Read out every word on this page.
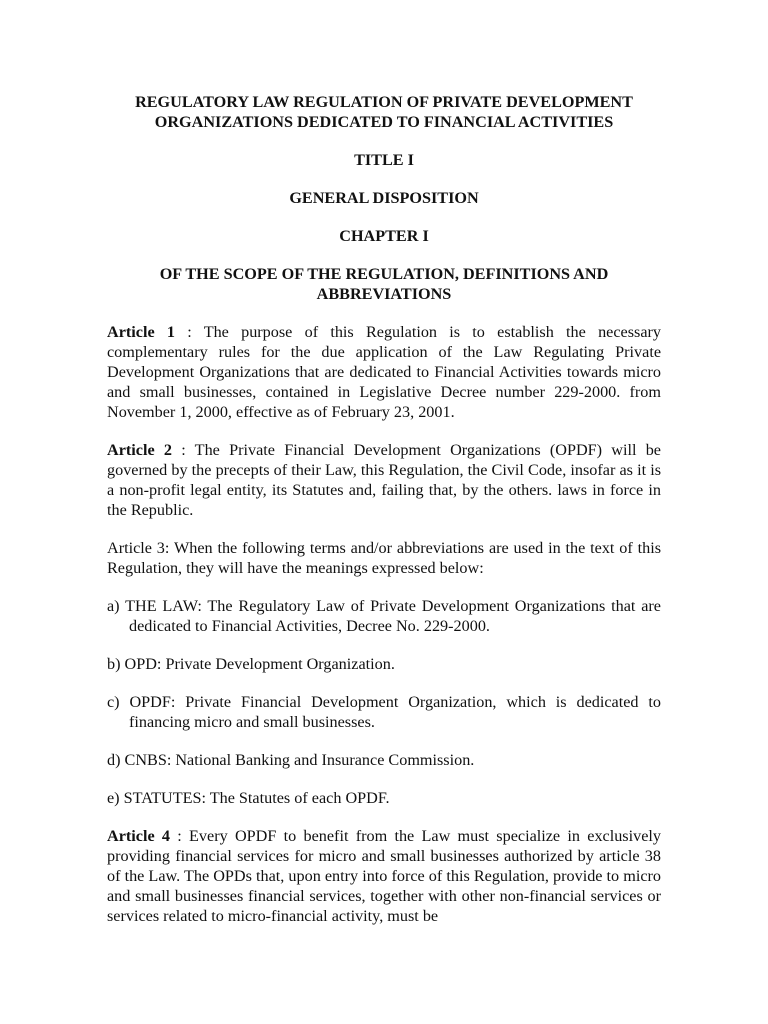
REGULATORY LAW REGULATION OF PRIVATE DEVELOPMENT
ORGANIZATIONS DEDICATED TO FINANCIAL ACTIVITIES
TITLE I
GENERAL DISPOSITION
CHAPTER I
OF THE SCOPE OF THE REGULATION, DEFINITIONS AND
ABBREVIATIONS

Article 1 : The purpose of this Regulation is to establish the necessary complementary rules for the due application of the Law Regulating Private Development Organizations that are dedicated to Financial Activities towards micro and small businesses, contained in Legislative Decree number 229-2000. from November 1, 2000, effective as of February 23, 2001.

Article 2 : The Private Financial Development Organizations (OPDF) will be governed by the precepts of their Law, this Regulation, the Civil Code, insofar as it is a non-profit legal entity, its Statutes and, failing that, by the others. laws in force in the Republic.

Article 3: When the following terms and/or abbreviations are used in the text of this Regulation, they will have the meanings expressed below:

a) THE LAW: The Regulatory Law of Private Development Organizations that are dedicated to Financial Activities, Decree No. 229-2000.
b) OPD: Private Development Organization.
c) OPDF: Private Financial Development Organization, which is dedicated to financing micro and small businesses.
d) CNBS: National Banking and Insurance Commission.
e) STATUTES: The Statutes of each OPDF.

Article 4 : Every OPDF to benefit from the Law must specialize in exclusively providing financial services for micro and small businesses authorized by article 38 of the Law. The OPDs that, upon entry into force of this Regulation, provide to micro and small businesses financial services, together with other non-financial services or services related to micro-financial activity, must be
